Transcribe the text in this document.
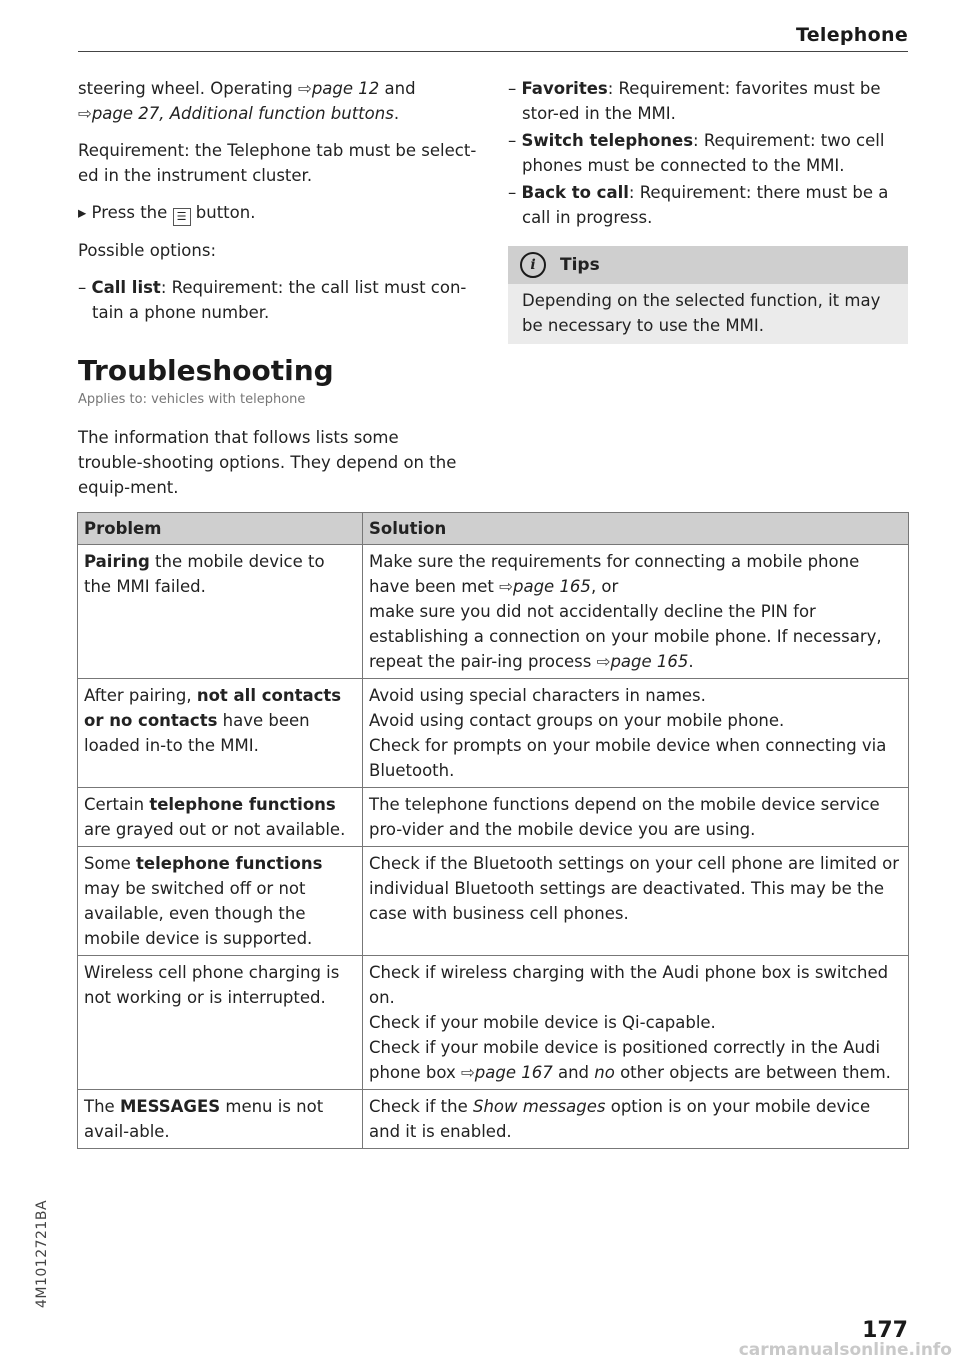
Telephone

steering wheel. Operating ⇨page 12 and
⇨page 27, Additional function buttons.

Requirement: the Telephone tab must be select-ed in the instrument cluster.

▸ Press the ☰ button.

Possible options:

– Call list: Requirement: the call list must con-tain a phone number.

– Favorites: Requirement: favorites must be stor-ed in the MMI.

– Switch telephones: Requirement: two cell phones must be connected to the MMI.

– Back to call: Requirement: there must be a call in progress.

i	Tips
Depending on the selected function, it may be necessary to use the MMI.
Troubleshooting
Applies to: vehicles with telephone
The information that follows lists some trouble-shooting options. They depend on the equip-ment.
Problem	Solution
Pairing the mobile device to the MMI failed.	Make sure the requirements for connecting a mobile phone have been met ⇨page 165, or
make sure you did not accidentally decline the PIN for establishing a connection on your mobile phone. If necessary, repeat the pair-ing process ⇨page 165.

After pairing, not all contacts or no contacts have been loaded in-to the MMI.	Avoid using special characters in names.
Avoid using contact groups on your mobile phone.
Check for prompts on your mobile device when connecting via Bluetooth.

Certain telephone functions are grayed out or not available.	The telephone functions depend on the mobile device service pro-vider and the mobile device you are using.

Some telephone functions may be switched off or not available, even though the mobile device is supported.	Check if the Bluetooth settings on your cell phone are limited or individual Bluetooth settings are deactivated. This may be the case with business cell phones.

Wireless cell phone charging is not working or is interrupted.	Check if wireless charging with the Audi phone box is switched on.
Check if your mobile device is Qi-capable.
Check if your mobile device is positioned correctly in the Audi phone box ⇨page 167 and no other objects are between them.

The MESSAGES menu is not avail-able.	Check if the Show messages option is on your mobile device and it is enabled.
4M1012721BA
177
carmanualsonline.info
